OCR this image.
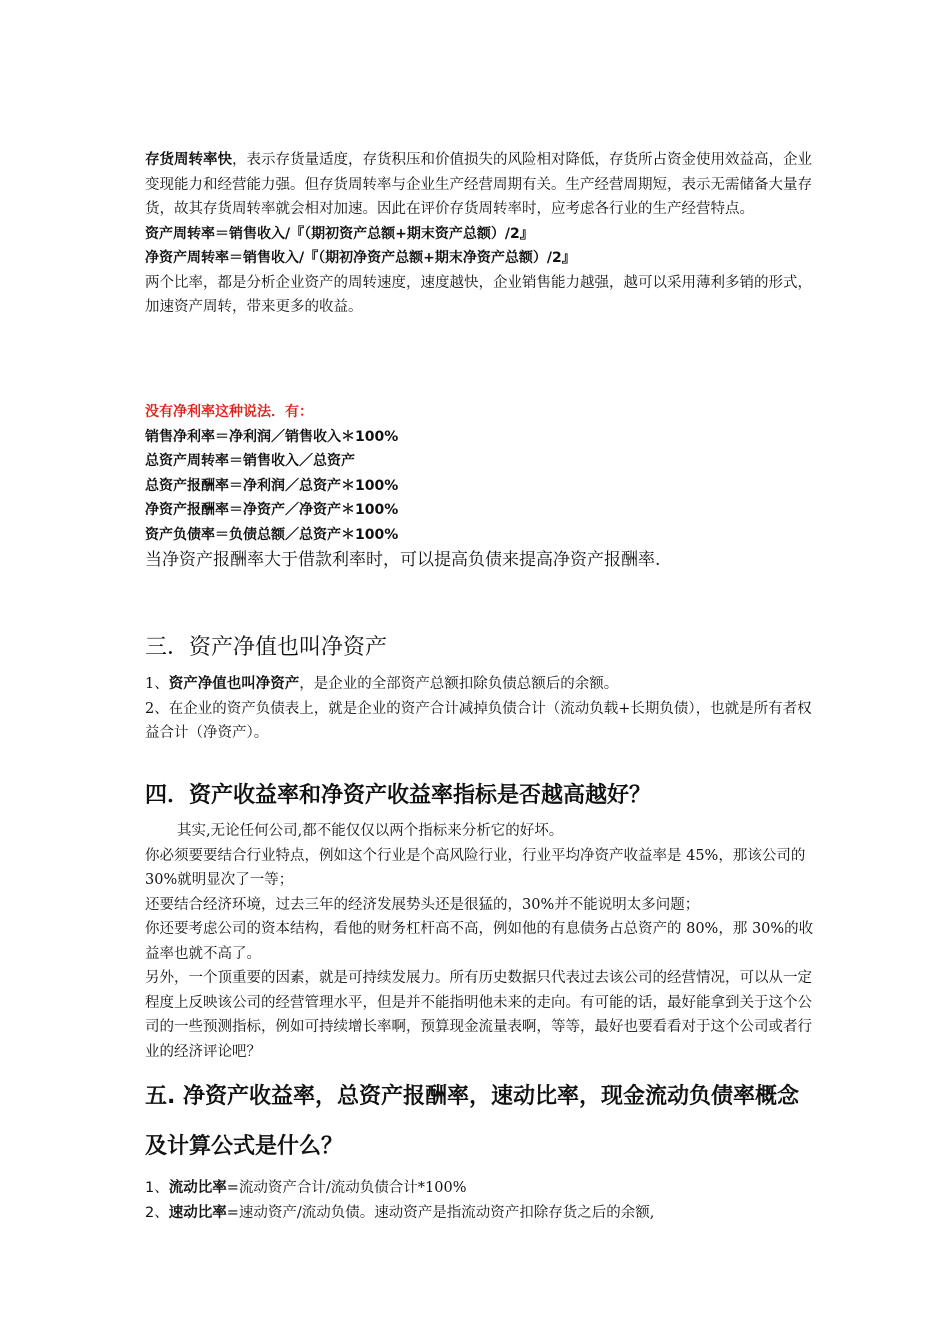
存货周转率快，表示存货量适度，存货积压和价值损失的风险相对降低，存货所占资金使用效益高，企业变现能力和经营能力强。但存货周转率与企业生产经营周期有关。生产经营周期短，表示无需储备大量存货，故其存货周转率就会相对加速。因此在评价存货周转率时，应考虑各行业的生产经营特点。

资产周转率＝销售收入/『（期初资产总额+期末资产总额）/2』

净资产周转率＝销售收入/『（期初净资产总额+期末净资产总额）/2』

两个比率，都是分析企业资产的周转速度，速度越快，企业销售能力越强，越可以采用薄利多销的形式，加速资产周转，带来更多的收益。

没有净利率这种说法．有：

销售净利率＝净利润／销售收入＊100%

总资产周转率＝销售收入／总资产

总资产报酬率＝净利润／总资产＊100%

净资产报酬率＝净资产／净资产＊100%

资产负债率＝负债总额／总资产＊100%

当净资产报酬率大于借款利率时，可以提高负债来提高净资产报酬率.

三．资产净值也叫净资产

1、资产净值也叫净资产，是企业的全部资产总额扣除负债总额后的余额。

2、在企业的资产负债表上，就是企业的资产合计减掉负债合计（流动负载+长期负债），也就是所有者权益合计（净资产）。

四．资产收益率和净资产收益率指标是否越高越好？

其实,无论任何公司,都不能仅仅以两个指标来分析它的好坏。

你必须要要结合行业特点，例如这个行业是个高风险行业，行业平均净资产收益率是 45%，那该公司的 30%就明显次了一等；

还要结合经济环境，过去三年的经济发展势头还是很猛的，30%并不能说明太多问题；

你还要考虑公司的资本结构，看他的财务杠杆高不高，例如他的有息债务占总资产的 80%，那 30%的收益率也就不高了。

另外，一个顶重要的因素，就是可持续发展力。所有历史数据只代表过去该公司的经营情况，可以从一定程度上反映该公司的经营管理水平，但是并不能指明他未来的走向。有可能的话，最好能拿到关于这个公司的一些预测指标，例如可持续增长率啊，预算现金流量表啊，等等，最好也要看看对于这个公司或者行业的经济评论吧？

五. 净资产收益率，总资产报酬率，速动比率，现金流动负债率概念及计算公式是什么？

1、流动比率=流动资产合计/流动负债合计*100%

2、速动比率=速动资产/流动负债。速动资产是指流动资产扣除存货之后的余额,
